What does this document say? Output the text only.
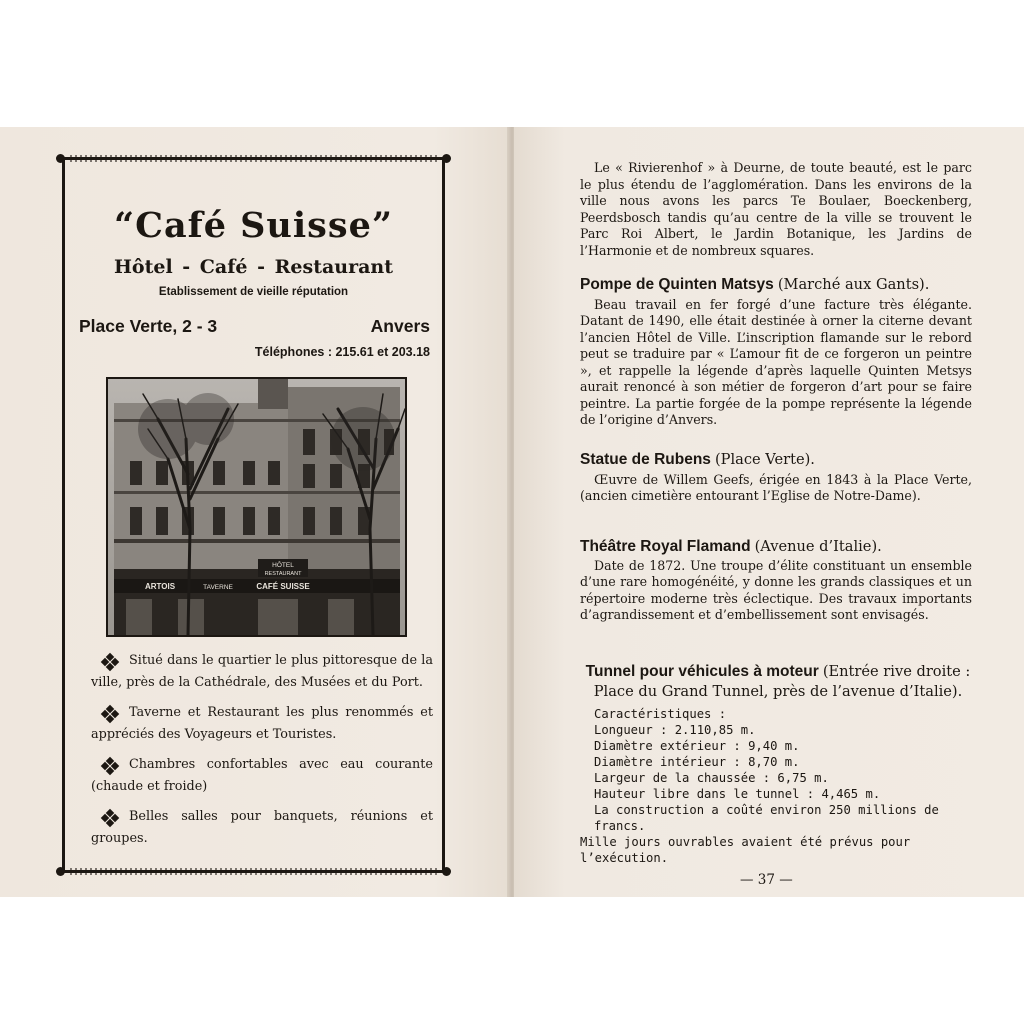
“Café Suisse”
Hôtel - Café - Restaurant
Etablissement de vieille réputation
Place Verte, 2 - 3	Anvers
Téléphones : 215.61 et 203.18
HÔTEL
RESTAURANT
ARTOIS	TAVERNE	CAFÉ SUISSE
Situé dans le quartier le plus pittoresque de la ville, près de la Cathédrale, des Musées et du Port.
Taverne et Restaurant les plus renommés et appréciés des Voyageurs et Touristes.
Chambres confortables avec eau courante (chaude et froide)
Belles salles pour banquets, réunions et groupes.

Le « Rivierenhof » à Deurne, de toute beauté, est le parc le plus étendu de l’agglomération. Dans les environs de la ville nous avons les parcs Te Boulaer, Boeckenberg, Peerdsbosch tandis qu’au centre de la ville se trouvent le Parc Roi Albert, le Jardin Botanique, les Jardins de l’Harmonie et de nombreux squares.

Pompe de Quinten Matsys (Marché aux Gants).

Beau travail en fer forgé d’une facture très élégante. Datant de 1490, elle était destinée à orner la citerne devant l’ancien Hôtel de Ville. L’inscription flamande sur le rebord peut se traduire par « L’amour fit de ce forgeron un peintre », et rappelle la légende d’après laquelle Quinten Metsys aurait renoncé à son métier de forgeron d’art pour se faire peintre. La partie forgée de la pompe représente la légende de l’origine d’Anvers.

Statue de Rubens (Place Verte).

Œuvre de Willem Geefs, érigée en 1843 à la Place Verte, (ancien cimetière entourant l’Eglise de Notre-Dame).

Théâtre Royal Flamand (Avenue d’Italie).

Date de 1872. Une troupe d’élite constituant un ensemble d’une rare homogénéité, y donne les grands classiques et un répertoire moderne très éclectique. Des travaux importants d’agrandissement et d’embellissement sont envisagés.

Tunnel pour véhicules à moteur (Entrée rive droite : Place du Grand Tunnel, près de l’avenue d’Italie).
Caractéristiques :
Longueur : 2.110,85 m.
Diamètre extérieur : 9,40 m.
Diamètre intérieur : 8,70 m.
Largeur de la chaussée : 6,75 m.
Hauteur libre dans le tunnel : 4,465 m.
La construction a coûté environ 250 millions de francs.
Mille jours ouvrables avaient été prévus pour l’exécution.
— 37 —
